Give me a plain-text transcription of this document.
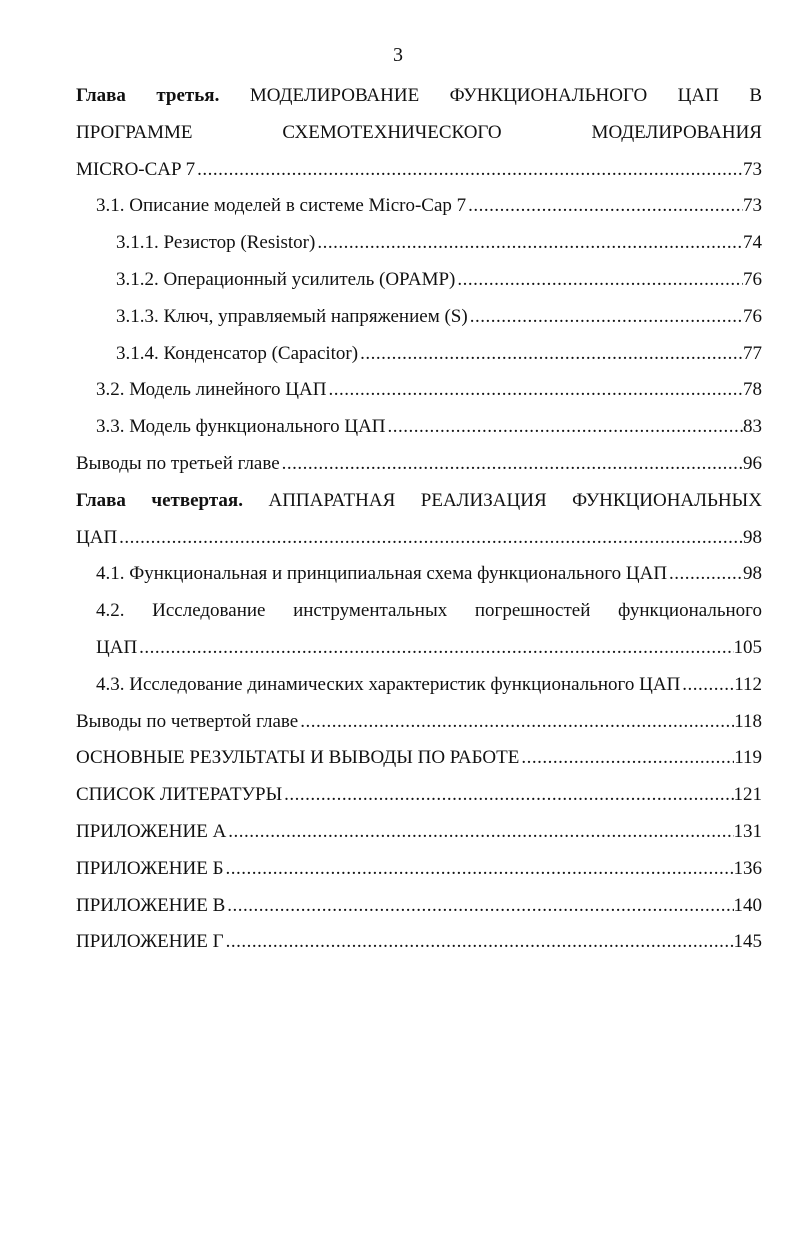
3
Глава третья. МОДЕЛИРОВАНИЕ ФУНКЦИОНАЛЬНОГО ЦАП В
ПРОГРАММЕ	СХЕМОТЕХНИЧЕСКОГО	МОДЕЛИРОВАНИЯ
MICRO-CAP 7 .....	73
3.1. Описание моделей в системе Micro-Cap 7 .....	73
3.1.1. Резистор (Resistor) .....	74
3.1.2. Операционный усилитель (OPAMP) .....	76
3.1.3. Ключ, управляемый напряжением (S) .....	76
3.1.4. Конденсатор (Capacitor) .....	77
3.2. Модель линейного ЦАП .....	78
3.3. Модель функционального ЦАП .....	83
Выводы по третьей главе .....	96
Глава четвертая. АППАРАТНАЯ РЕАЛИЗАЦИЯ ФУНКЦИОНАЛЬНЫХ
ЦАП .....	98
4.1. Функциональная и принципиальная схема функционального ЦАП .....	98
4.2. Исследование инструментальных погрешностей функционального
ЦАП .....	105
4.3. Исследование динамических характеристик функционального ЦАП .....	112
Выводы по четвертой главе .....	118
ОСНОВНЫЕ РЕЗУЛЬТАТЫ И ВЫВОДЫ ПО РАБОТЕ .....	119
СПИСОК ЛИТЕРАТУРЫ .....	121
ПРИЛОЖЕНИЕ А .....	131
ПРИЛОЖЕНИЕ Б .....	136
ПРИЛОЖЕНИЕ В .....	140
ПРИЛОЖЕНИЕ Г .....	145
